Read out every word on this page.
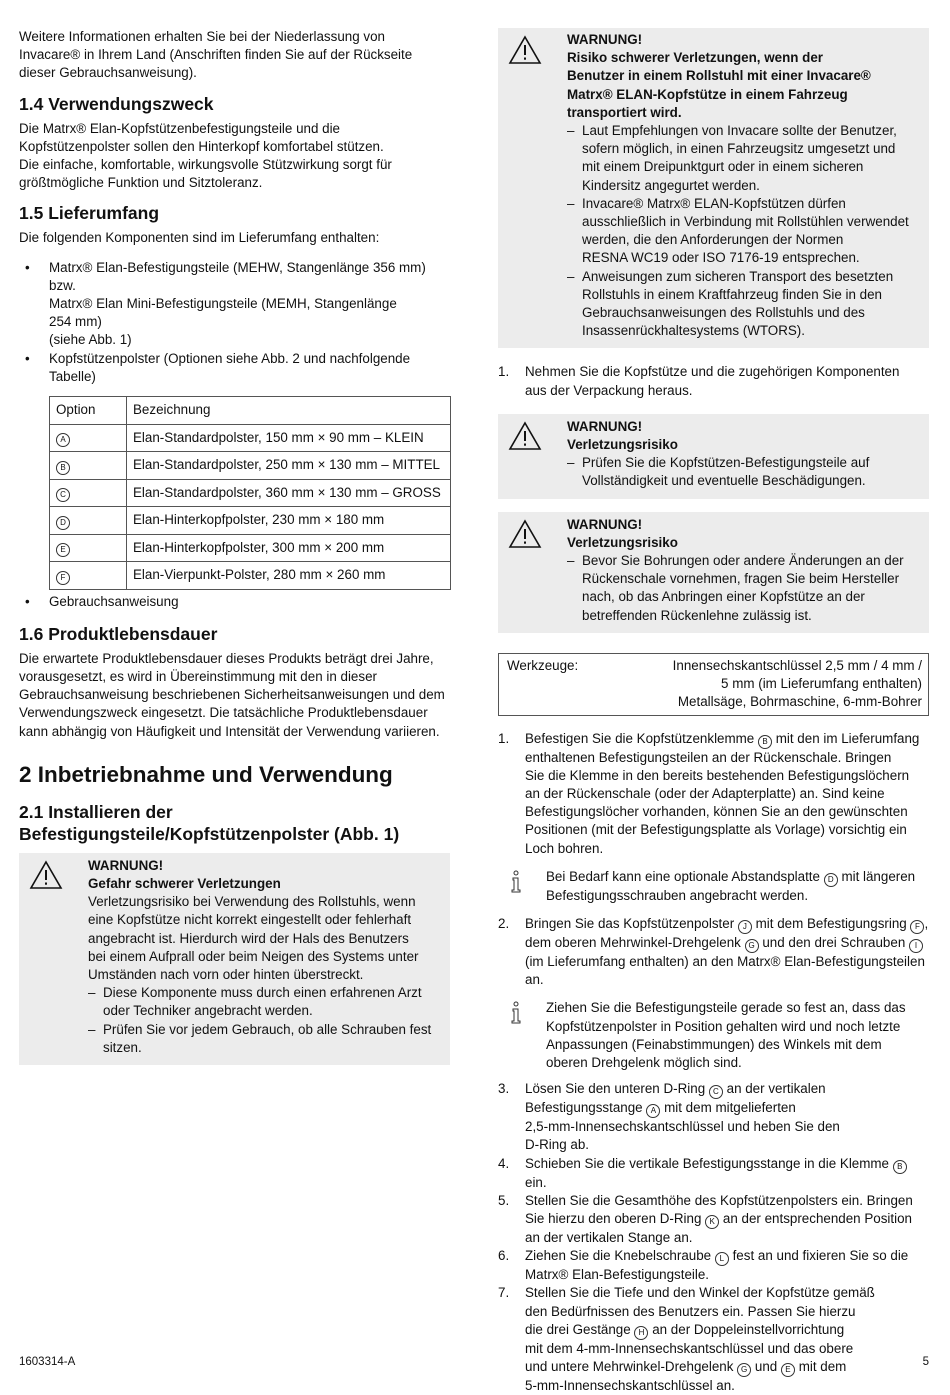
Weitere Informationen erhalten Sie bei der Niederlassung von
Invacare® in Ihrem Land (Anschriften finden Sie auf der Rückseite
dieser Gebrauchsanweisung).

1.4 Verwendungszweck

Die Matrx® Elan-Kopfstützenbefestigungsteile und die
Kopfstützenpolster sollen den Hinterkopf komfortabel stützen.
Die einfache, komfortable, wirkungsvolle Stützwirkung sorgt für
größtmögliche Funktion und Sitztoleranz.

1.5 Lieferumfang

Die folgenden Komponenten sind im Lieferumfang enthalten:

• Matrx® Elan-Befestigungsteile (MEHW, Stangenlänge 356 mm)
bzw.
Matrx® Elan Mini-Befestigungsteile (MEMH, Stangenlänge
254 mm)
(siehe Abb. 1)
• Kopfstützenpolster (Optionen siehe Abb. 2 und nachfolgende
Tabelle)
Option	Bezeichnung
A	Elan-Standardpolster, 150 mm × 90 mm – KLEIN
B	Elan-Standardpolster, 250 mm × 130 mm – MITTEL
C	Elan-Standardpolster, 360 mm × 130 mm – GROSS
D	Elan-Hinterkopfpolster, 230 mm × 180 mm
E	Elan-Hinterkopfpolster, 300 mm × 200 mm
F	Elan-Vierpunkt-Polster, 280 mm × 260 mm
• Gebrauchsanweisung
1.6 Produktlebensdauer

Die erwartete Produktlebensdauer dieses Produkts beträgt drei Jahre,
vorausgesetzt, es wird in Übereinstimmung mit den in dieser
Gebrauchsanweisung beschriebenen Sicherheitsanweisungen und dem
Verwendungszweck eingesetzt. Die tatsächliche Produktlebensdauer
kann abhängig von Häufigkeit und Intensität der Verwendung variieren.

2 Inbetriebnahme und Verwendung
2.1 Installieren der
Befestigungsteile/Kopfstützenpolster (Abb. 1)
WARNUNG!
Gefahr schwerer Verletzungen
Verletzungsrisiko bei Verwendung des Rollstuhls, wenn
eine Kopfstütze nicht korrekt eingestellt oder fehlerhaft
angebracht ist. Hierdurch wird der Hals des Benutzers
bei einem Aufprall oder beim Neigen des Systems unter
Umständen nach vorn oder hinten überstreckt.
– Diese Komponente muss durch einen erfahrenen Arzt
oder Techniker angebracht werden.
– Prüfen Sie vor jedem Gebrauch, ob alle Schrauben fest
sitzen.
WARNUNG!
Risiko schwerer Verletzungen, wenn der
Benutzer in einem Rollstuhl mit einer Invacare®
Matrx® ELAN-Kopfstütze in einem Fahrzeug
transportiert wird.
– Laut Empfehlungen von Invacare sollte der Benutzer,
sofern möglich, in einen Fahrzeugsitz umgesetzt und
mit einem Dreipunktgurt oder in einem sicheren
Kindersitz angegurtet werden.
– Invacare® Matrx® ELAN-Kopfstützen dürfen
ausschließlich in Verbindung mit Rollstühlen verwendet
werden, die den Anforderungen der Normen
RESNA WC19 oder ISO 7176-19 entsprechen.
– Anweisungen zum sicheren Transport des besetzten
Rollstuhls in einem Kraftfahrzeug finden Sie in den
Gebrauchsanweisungen des Rollstuhls und des
Insassenrückhaltesystems (WTORS).
1. Nehmen Sie die Kopfstütze und die zugehörigen Komponenten
aus der Verpackung heraus.
WARNUNG!
Verletzungsrisiko
– Prüfen Sie die Kopfstützen-Befestigungsteile auf
Vollständigkeit und eventuelle Beschädigungen.
WARNUNG!
Verletzungsrisiko
– Bevor Sie Bohrungen oder andere Änderungen an der
Rückenschale vornehmen, fragen Sie beim Hersteller
nach, ob das Anbringen einer Kopfstütze an der
betreffenden Rückenlehne zulässig ist.
Werkzeuge:	Innensechskantschlüssel 2,5 mm / 4 mm /
5 mm (im Lieferumfang enthalten)
Metallsäge, Bohrmaschine, 6-mm-Bohrer
1. Befestigen Sie die Kopfstützenklemme B mit den im Lieferumfang
enthaltenen Befestigungsteilen an der Rückenschale. Bringen
Sie die Klemme in den bereits bestehenden Befestigungslöchern
an der Rückenschale (oder der Adapterplatte) an. Sind keine
Befestigungslöcher vorhanden, können Sie an den gewünschten
Positionen (mit der Befestigungsplatte als Vorlage) vorsichtig ein
Loch bohren.
Bei Bedarf kann eine optionale Abstandsplatte D mit längeren
Befestigungsschrauben angebracht werden.
2. Bringen Sie das Kopfstützenpolster J mit dem Befestigungsring F ,
dem oberen Mehrwinkel-Drehgelenk G und den drei Schrauben I
(im Lieferumfang enthalten) an den Matrx® Elan-Befestigungsteilen
an.
Ziehen Sie die Befestigungsteile gerade so fest an, dass das
Kopfstützenpolster in Position gehalten wird und noch letzte
Anpassungen (Feinabstimmungen) des Winkels mit dem
oberen Drehgelenk möglich sind.
3. Lösen Sie den unteren D-Ring C an der vertikalen
Befestigungsstange A mit dem mitgelieferten
2,5-mm-Innensechskantschlüssel und heben Sie den
D-Ring ab.
4. Schieben Sie die vertikale Befestigungsstange in die Klemme B ein.
5. Stellen Sie die Gesamthöhe des Kopfstützenpolsters ein. Bringen
Sie hierzu den oberen D-Ring K an der entsprechenden Position
an der vertikalen Stange an.
6. Ziehen Sie die Knebelschraube L fest an und fixieren Sie so die
Matrx® Elan-Befestigungsteile.
7. Stellen Sie die Tiefe und den Winkel der Kopfstütze gemäß
den Bedürfnissen des Benutzers ein. Passen Sie hierzu
die drei Gestänge H an der Doppeleinstellvorrichtung
mit dem 4-mm-Innensechskantschlüssel und das obere
und untere Mehrwinkel-Drehgelenk G und E mit dem
5-mm-Innensechskantschlüssel an.
1603314-A	5
